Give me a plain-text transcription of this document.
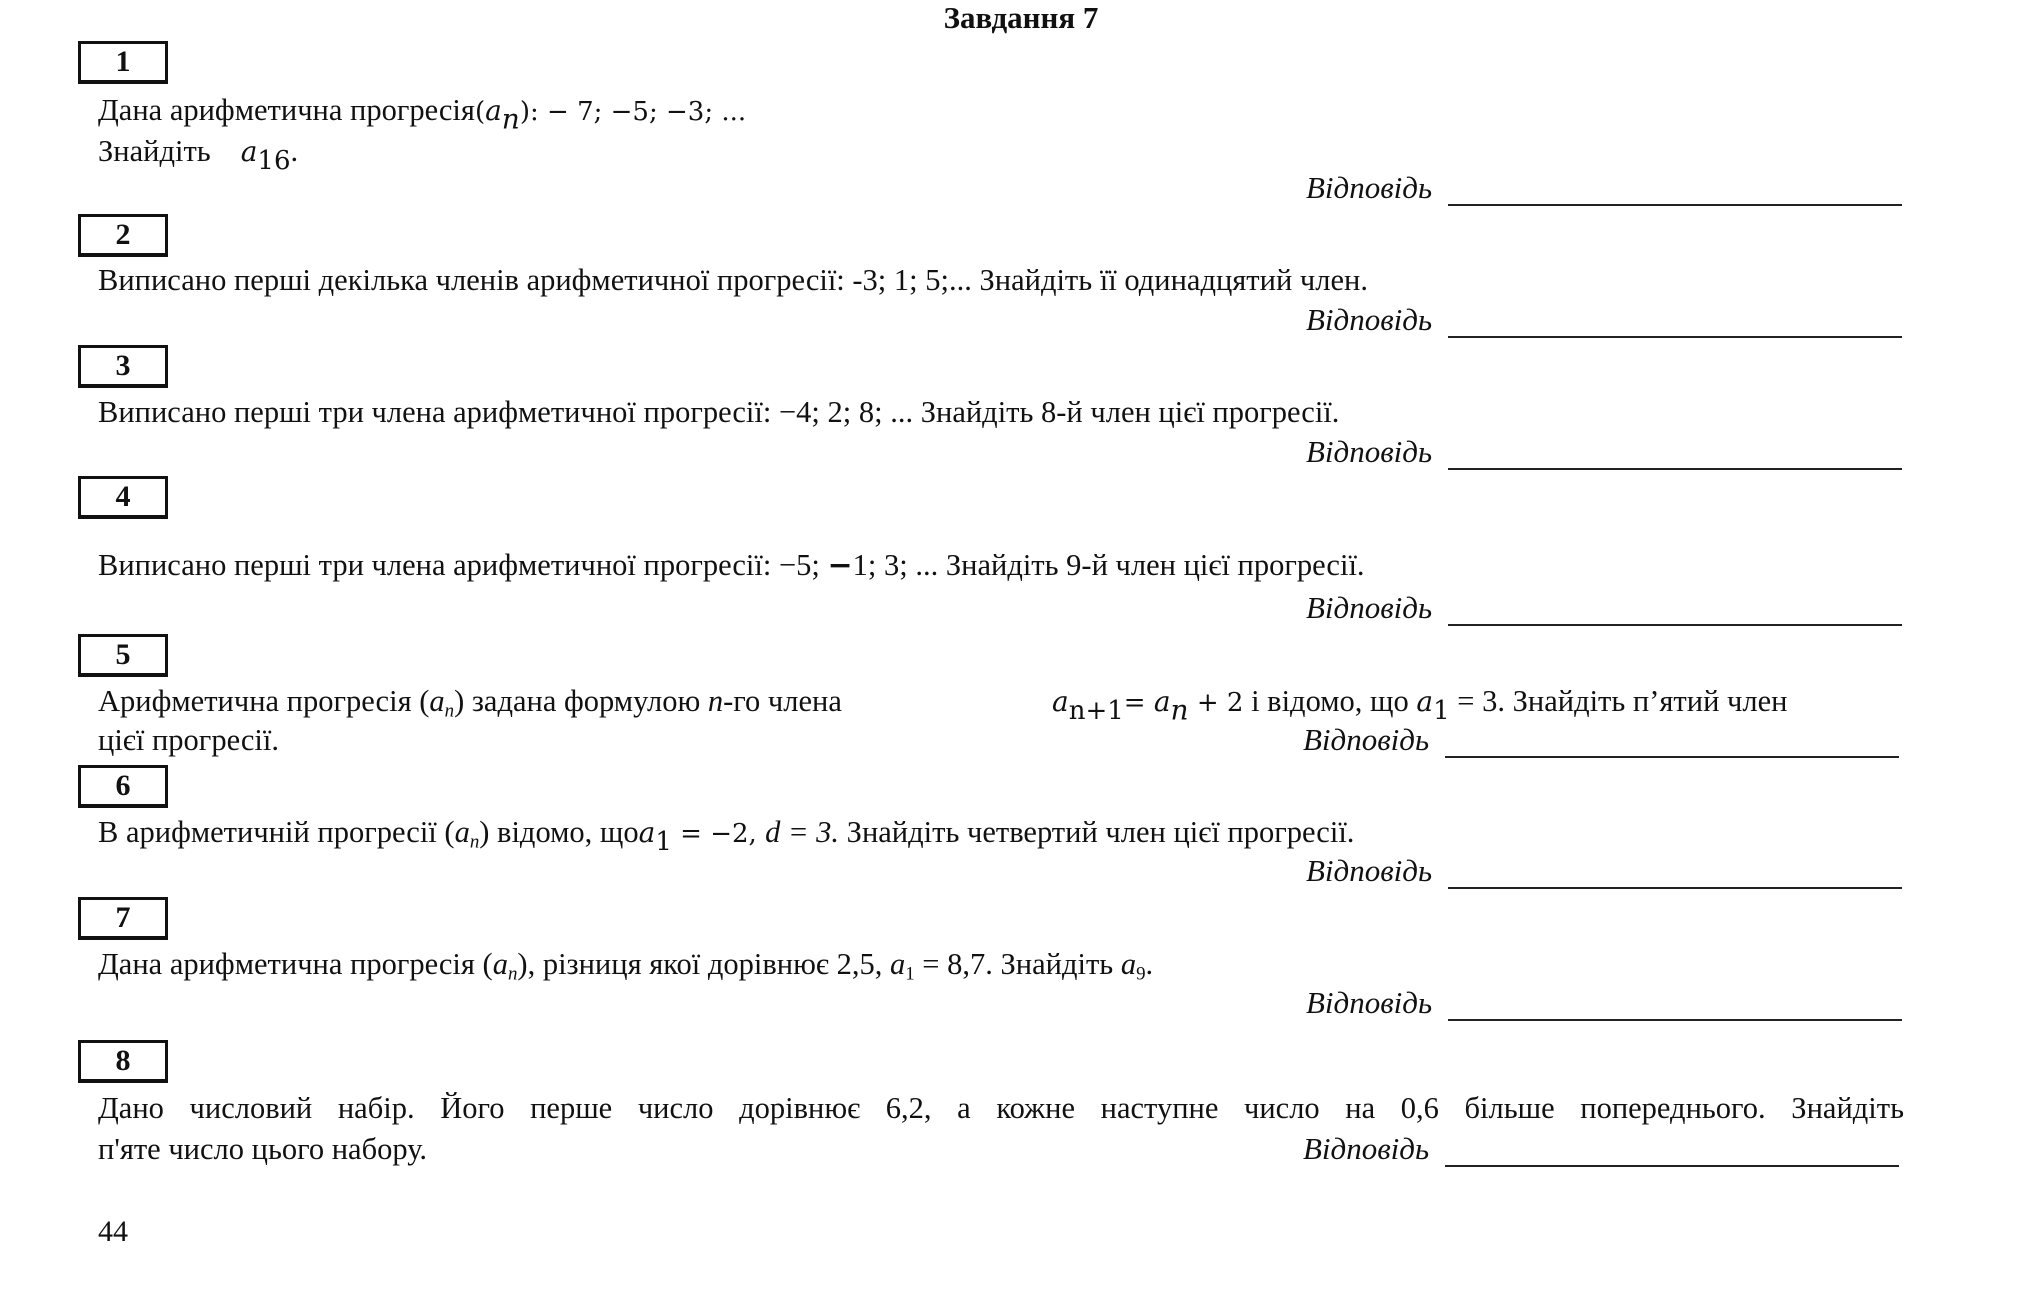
Завдання 7
1
Дана арифметична $прогресія(a_n)$: − 7; −5; −3; ...
Знайдіть $a_{16}$.
Відповідь
2
Виписано перші декілька членів арифметичної прогресії: -3; 1; 5;... Знайдіть її одинадцятий член.
Відповідь
3
Виписано перші три члена арифметичної прогресії: −4; 2; 8; ... Знайдіть 8-й член цієї прогресії.
Відповідь
4
Виписано перші три члена арифметичної прогресії: −5; −1; 3; ... Знайдіть 9-й член цієї прогресії.
Відповідь
5
Арифметична прогресія $(a_n)$ задана формулою n-го члена	$a_{n+1}= a_n + 2$ і відомо, що $a_1 = 3$. Знайдіть п’ятий член
цієї прогресії.	Відповідь
6
В арифметичній прогресії $(a_n)$ відомо, щоa$_1$ = −2, d = 3. Знайдіть четвертий член цієї прогресії.
Відповідь
7
Дана арифметична прогресія $(a_n)$, різниця якої дорівнює 2,5, $a_1 = 8,7$. Знайдіть $a_9$.
Відповідь
8
Дано числовий набір. Його перше число дорівнює 6,2, а кожне наступне число на 0,6 більше попереднього. Знайдіть
п'яте число цього набору.	Відповідь
44
